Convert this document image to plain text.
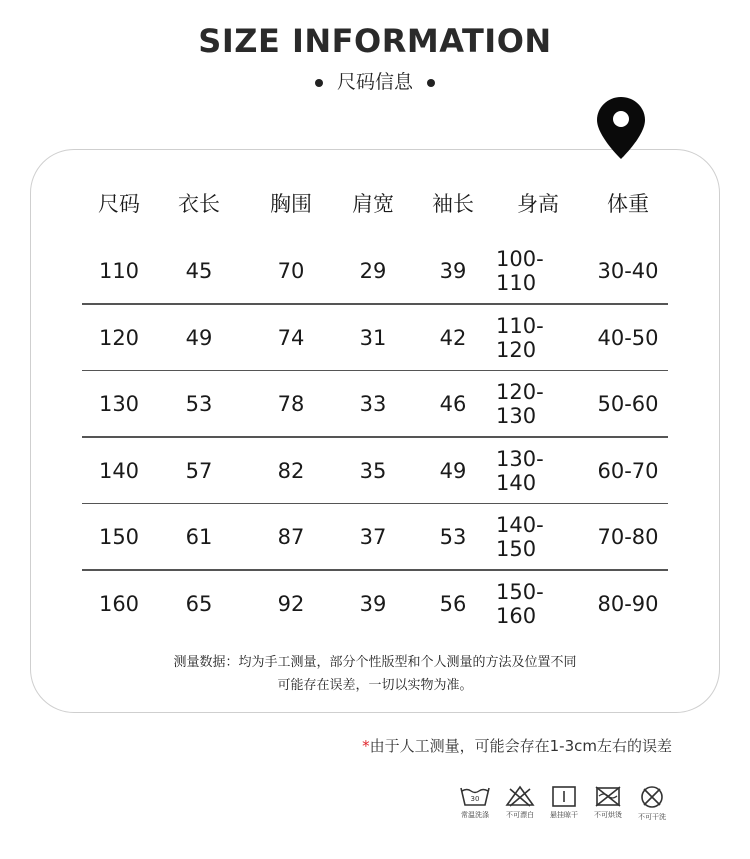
SIZE INFORMATION
尺码信息
尺码	衣长	胸围	肩宽	袖长	身高	体重
110	45	70	29	39	100-110	30-40
120	49	74	31	42	110-120	40-50
130	53	78	33	46	120-130	50-60
140	57	82	35	49	130-140	60-70
150	61	87	37	53	140-150	70-80
160	65	92	39	56	150-160	80-90
测量数据：均为手工测量，部分个性版型和个人测量的方法及位置不同
可能存在误差，一切以实物为准。
*由于人工测量，可能会存在1-3cm左右的误差
30
常温洗涤	不可漂白	悬挂晾干	不可烘烫	不可干洗
